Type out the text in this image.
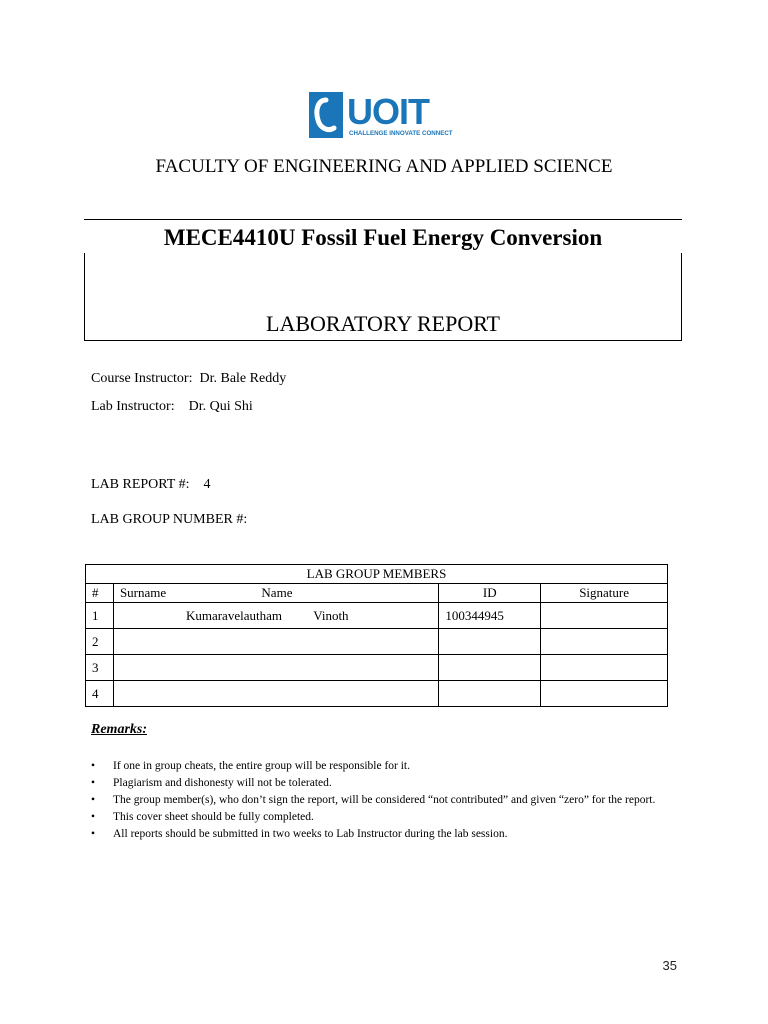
UOIT
CHALLENGE INNOVATE CONNECT
FACULTY OF ENGINEERING AND APPLIED SCIENCE
MECE4410U Fossil Fuel Energy Conversion
LABORATORY REPORT
Course Instructor: Dr. Bale Reddy
Lab Instructor: Dr. Qui Shi
LAB REPORT #: 4
LAB GROUP NUMBER #:
LAB GROUP MEMBERS			
#	Surname Name	ID	Signature
1	Kumaravelautham Vinoth	100344945	
2			
3			
4			
Remarks:
• If one in group cheats, the entire group will be responsible for it.
• Plagiarism and dishonesty will not be tolerated.
• The group member(s), who don’t sign the report, will be considered “not contributed” and given “zero” for the report.
• This cover sheet should be fully completed.
• All reports should be submitted in two weeks to Lab Instructor during the lab session.
35
